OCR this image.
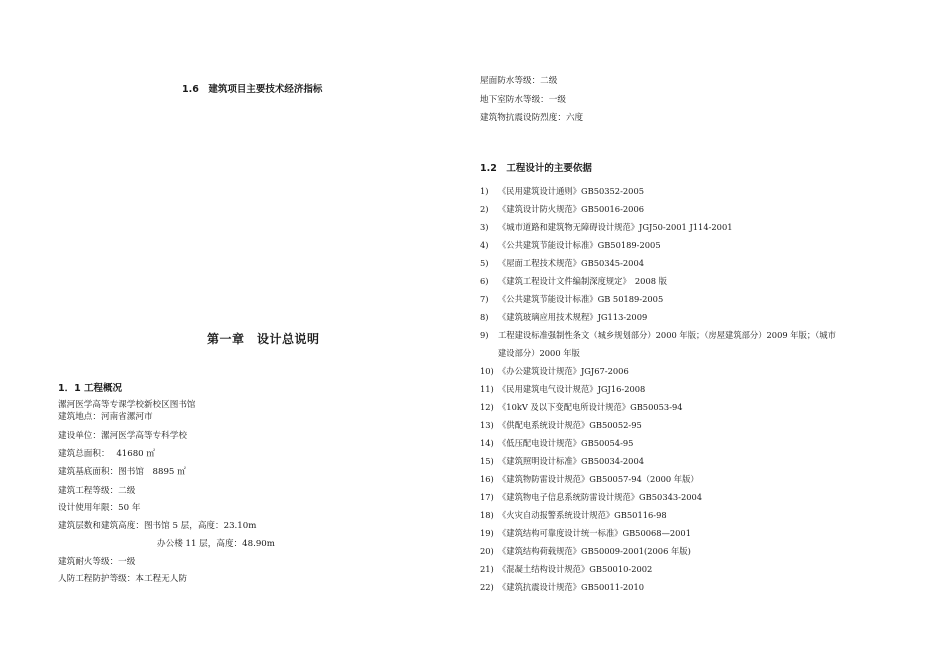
1.6　建筑项目主要技术经济指标
第一章　设计总说明
1．1 工程概况
漯河医学高等专课学校新校区图书馆
建筑地点：河南省漯河市
建设单位：漯河医学高等专科学校
建筑总面积： 41680 ㎡
建筑基底面积：图书馆　8895 ㎡
建筑工程等级：二级
设计使用年限：50 年
建筑层数和建筑高度：图书馆 5 层，高度：23.10m
办公楼 11 层，高度：48.90m
建筑耐火等级：一级
人防工程防护等级：本工程无人防
屋面防水等级：二级
地下室防水等级：一级
建筑物抗震设防烈度：六度
1.2　工程设计的主要依据
1) 《民用建筑设计通则》GB50352-2005
2) 《建筑设计防火规范》GB50016-2006
3) 《城市道路和建筑物无障碍设计规范》JGJ50-2001 J114-2001
4) 《公共建筑节能设计标准》GB50189-2005
5) 《屋面工程技术规范》GB50345-2004
6) 《建筑工程设计文件编制深度规定》　2008 版
7) 《公共建筑节能设计标准》GB 50189-2005
8) 《建筑玻璃应用技术规程》JG113-2009
9) 工程建设标准强制性条文（城乡规划部分）2000 年版；（房屋建筑部分）2009 年版；（城市
建设部分）2000 年版
10) 《办公建筑设计规范》JGJ67-2006
11) 《民用建筑电气设计规范》JGJ16-2008
12) 《10kV 及以下变配电所设计规范》GB50053-94
13) 《供配电系统设计规范》GB50052-95
14) 《低压配电设计规范》GB50054-95
15) 《建筑照明设计标准》GB50034-2004
16) 《建筑物防雷设计规范》GB50057-94（2000 年版）
17) 《建筑物电子信息系统防雷设计规范》GB50343-2004
18) 《火灾自动报警系统设计规范》GB50116-98
19) 《建筑结构可靠度设计统一标准》GB50068—2001
20) 《建筑结构荷载规范》GB50009-2001(2006 年版)
21) 《混凝土结构设计规范》GB50010-2002
22) 《建筑抗震设计规范》GB50011-2010
